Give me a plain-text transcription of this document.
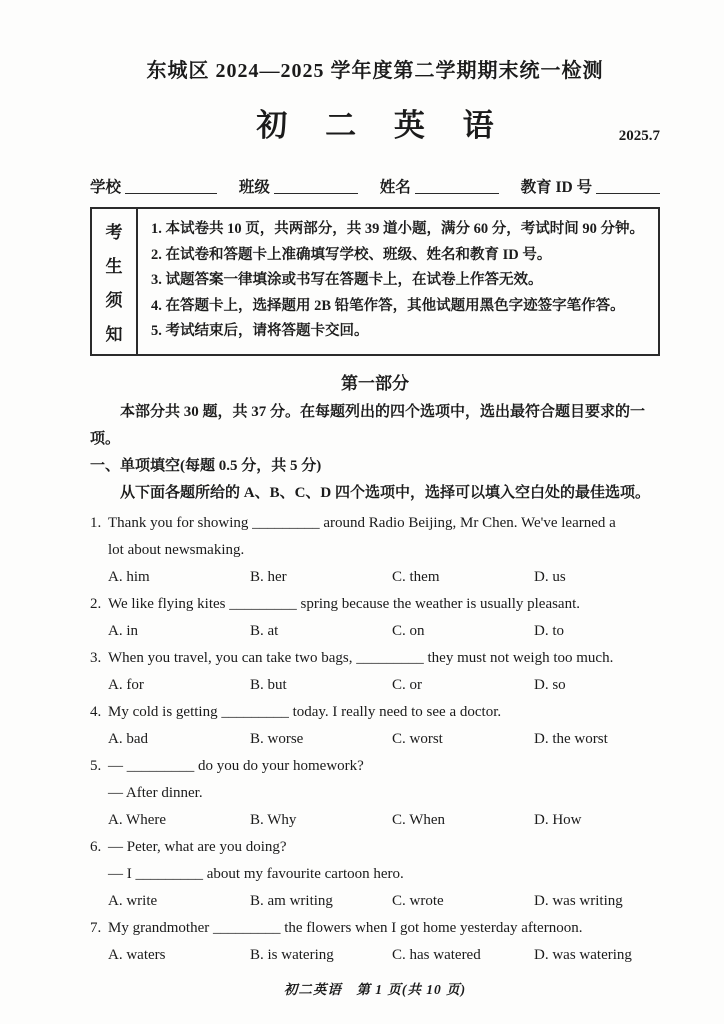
东城区 2024—2025 学年度第二学期期末统一检测
初 二 英 语	2025.7
学校	班级	姓名	教育 ID 号
考
生
须
知
1. 本试卷共 10 页，共两部分，共 39 道小题，满分 60 分，考试时间 90 分钟。
2. 在试卷和答题卡上准确填写学校、班级、姓名和教育 ID 号。
3. 试题答案一律填涂或书写在答题卡上，在试卷上作答无效。
4. 在答题卡上，选择题用 2B 铅笔作答，其他试题用黑色字迹签字笔作答。
5. 考试结束后，请将答题卡交回。
第一部分

本部分共 30 题，共 37 分。在每题列出的四个选项中，选出最符合题目要求的一项。

一、单项填空(每题 0.5 分，共 5 分)

从下面各题所给的 A、B、C、D 四个选项中，选择可以填入空白处的最佳选项。

1. Thank you for showing _________ around Radio Beijing, Mr Chen. We've learned a

lot about newsmaking.

A. him	B. her	C. them	D. us

2. We like flying kites _________ spring because the weather is usually pleasant.

A. in	B. at	C. on	D. to

3. When you travel, you can take two bags, _________ they must not weigh too much.

A. for	B. but	C. or	D. so

4. My cold is getting _________ today. I really need to see a doctor.

A. bad	B. worse	C. worst	D. the worst

5. — _________ do you do your homework?

— After dinner.

A. Where	B. Why	C. When	D. How

6. — Peter, what are you doing?

— I _________ about my favourite cartoon hero.

A. write	B. am writing	C. wrote	D. was writing

7. My grandmother _________ the flowers when I got home yesterday afternoon.

A. waters	B. is watering	C. has watered	D. was watering
初二英语　第 1 页(共 10 页)
